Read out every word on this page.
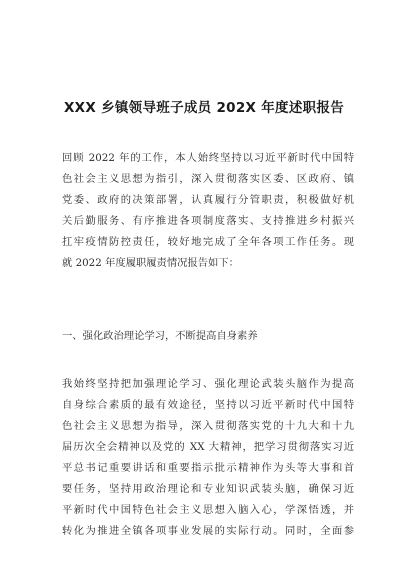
XXX 乡镇领导班子成员 202X 年度述职报告
回顾 2022 年的工作，本人始终坚持以习近平新时代中国特
色社会主义思想为指引，深入贯彻落实区委、区政府、镇
党委、政府的决策部署，认真履行分管职责，积极做好机
关后勤服务、有序推进各项制度落实、支持推进乡村振兴
扛牢疫情防控责任，较好地完成了全年各项工作任务。现
就 2022 年度履职履责情况报告如下：
一、强化政治理论学习，不断提高自身素养
我始终坚持把加强理论学习、强化理论武装头脑作为提高
自身综合素质的最有效途径，坚持以习近平新时代中国特
色社会主义思想为指导，深入贯彻落实党的十九大和十九
届历次全会精神以及党的 XX 大精神，把学习贯彻落实习近
平总书记重要讲话和重要指示批示精神作为头等大事和首
要任务，坚持用政治理论和专业知识武装头脑，确保习近
平新时代中国特色社会主义思想入脑入心，学深悟透，并
转化为推进全镇各项事业发展的实际行动。同时，全面参
